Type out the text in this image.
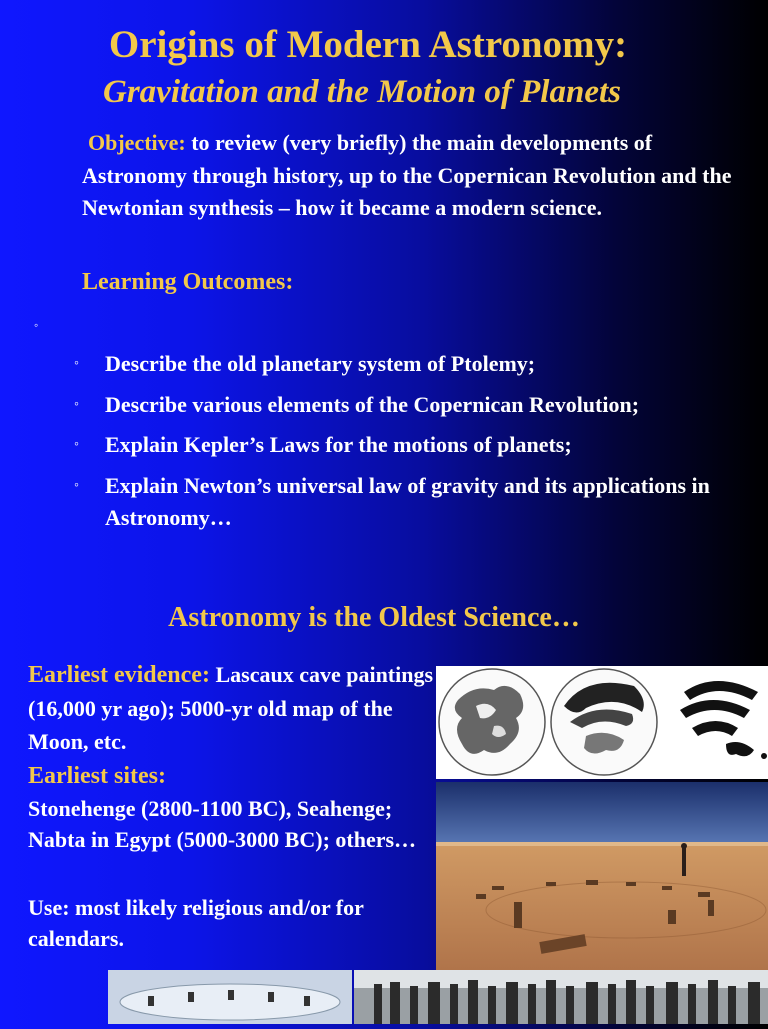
Origins of Modern Astronomy:
Gravitation and the Motion of Planets
Objective: to review (very briefly) the main developments of Astronomy through history, up to the Copernican Revolution and the Newtonian synthesis – how it became a modern science.
Learning Outcomes:
◦
◦ Describe the old planetary system of Ptolemy;
◦ Describe various elements of the Copernican Revolution;
◦ Explain Kepler’s Laws for the motions of planets;
◦ Explain Newton’s universal law of gravity and its applications in Astronomy…
Astronomy is the Oldest Science…
Earliest evidence: Lascaux cave paintings (16,000 yr ago); 5000-yr old map of the Moon, etc.
Earliest sites:
Stonehenge (2800-1100 BC), Seahenge; Nabta in Egypt (5000-3000 BC); others…
Use: most likely religious and/or for calendars.
